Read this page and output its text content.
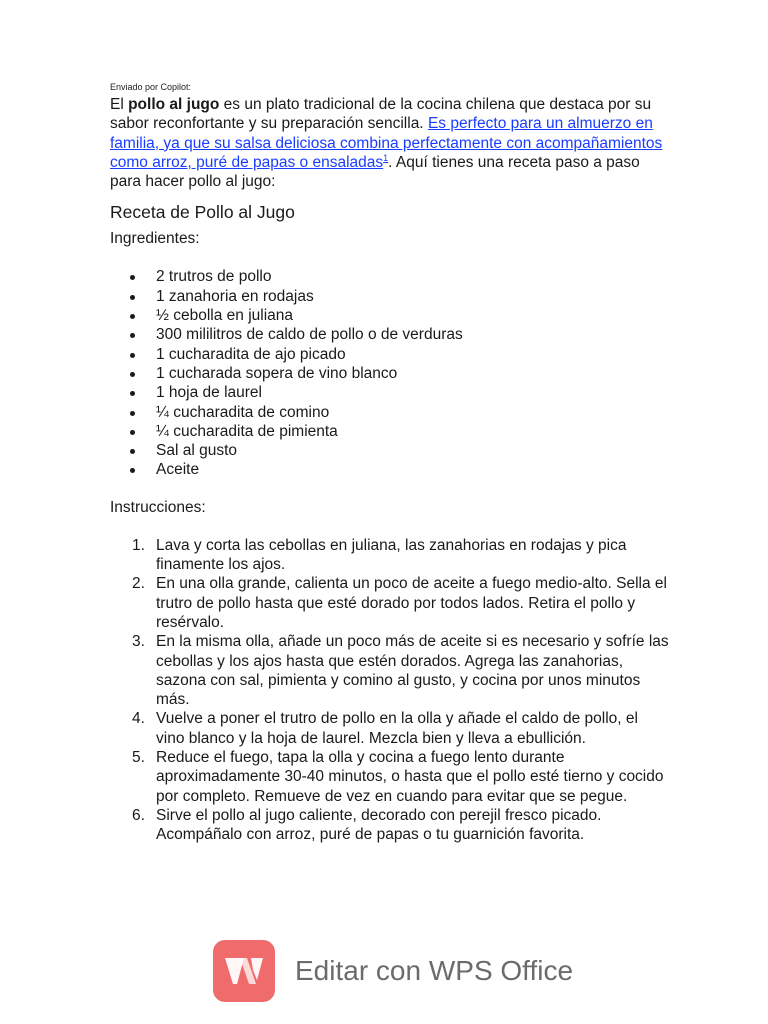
Enviado por Copilot:

El pollo al jugo es un plato tradicional de la cocina chilena que destaca por su sabor reconfortante y su preparación sencilla. Es perfecto para un almuerzo en familia, ya que su salsa deliciosa combina perfectamente con acompañamientos como arroz, puré de papas o ensaladas$^1$. Aquí tienes una receta paso a paso para hacer pollo al jugo:

Receta de Pollo al Jugo
Ingredientes:
2 trutros de pollo
1 zanahoria en rodajas
½ cebolla en juliana
300 mililitros de caldo de pollo o de verduras
1 cucharadita de ajo picado
1 cucharada sopera de vino blanco
1 hoja de laurel
¼ cucharadita de comino
¼ cucharadita de pimienta
Sal al gusto
Aceite
Instrucciones:
1. Lava y corta las cebollas en juliana, las zanahorias en rodajas y pica finamente los ajos.
2. En una olla grande, calienta un poco de aceite a fuego medio-alto. Sella el trutro de pollo hasta que esté dorado por todos lados. Retira el pollo y resérvalo.
3. En la misma olla, añade un poco más de aceite si es necesario y sofríe las cebollas y los ajos hasta que estén dorados. Agrega las zanahorias, sazona con sal, pimienta y comino al gusto, y cocina por unos minutos más.
4. Vuelve a poner el trutro de pollo en la olla y añade el caldo de pollo, el vino blanco y la hoja de laurel. Mezcla bien y lleva a ebullición.
5. Reduce el fuego, tapa la olla y cocina a fuego lento durante aproximadamente 30-40 minutos, o hasta que el pollo esté tierno y cocido por completo. Remueve de vez en cuando para evitar que se pegue.
6. Sirve el pollo al jugo caliente, decorado con perejil fresco picado. Acompáñalo con arroz, puré de papas o tu guarnición favorita.
Editar con WPS Office
